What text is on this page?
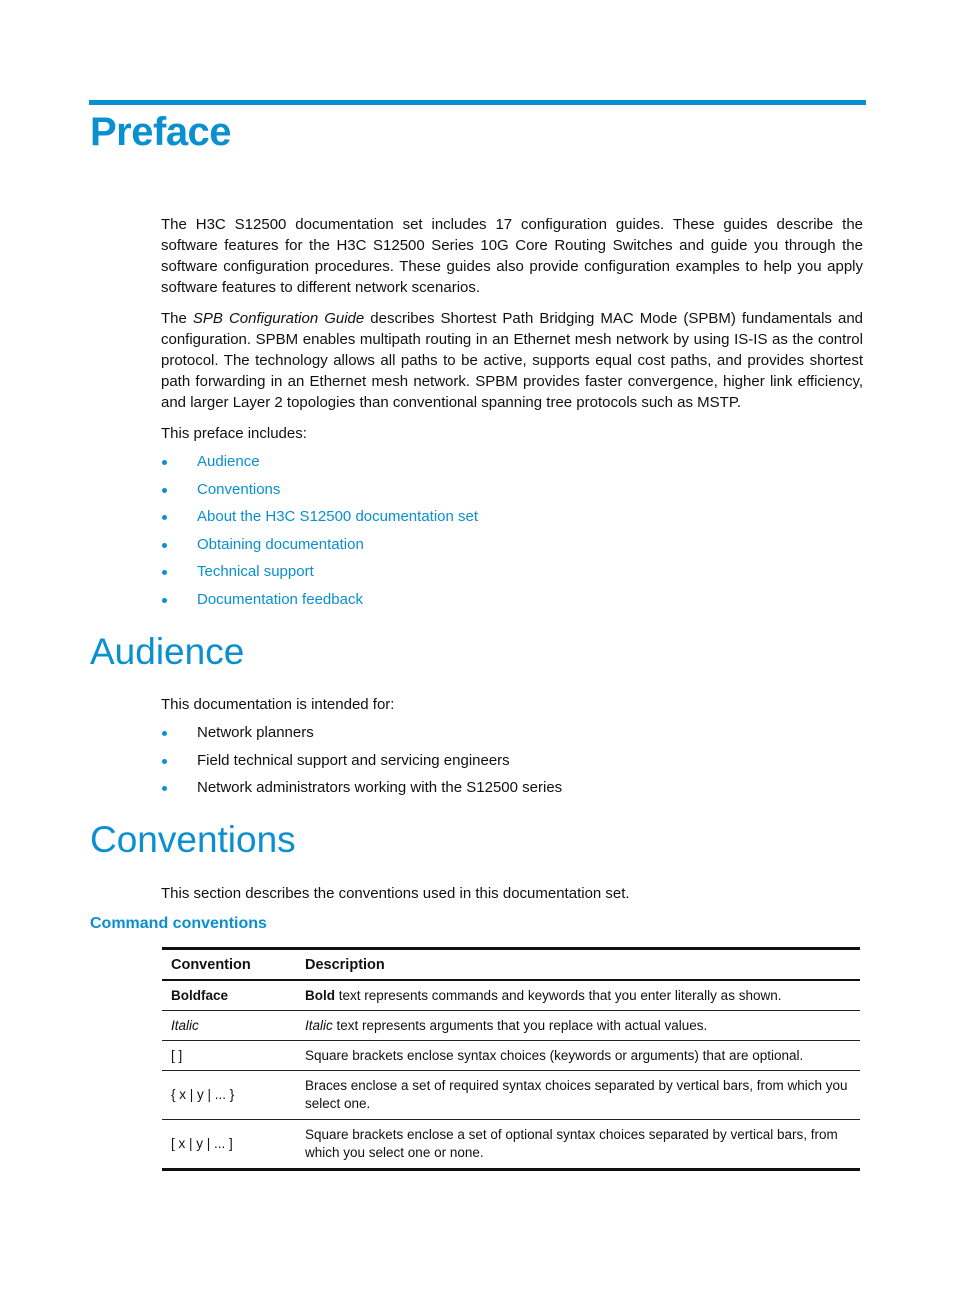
Preface

The H3C S12500 documentation set includes 17 configuration guides. These guides describe the software features for the H3C S12500 Series 10G Core Routing Switches and guide you through the software configuration procedures. These guides also provide configuration examples to help you apply software features to different network scenarios.

The SPB Configuration Guide describes Shortest Path Bridging MAC Mode (SPBM) fundamentals and configuration. SPBM enables multipath routing in an Ethernet mesh network by using IS-IS as the control protocol. The technology allows all paths to be active, supports equal cost paths, and provides shortest path forwarding in an Ethernet mesh network. SPBM provides faster convergence, higher link efficiency, and larger Layer 2 topologies than conventional spanning tree protocols such as MSTP.

This preface includes:

Audience
Conventions
About the H3C S12500 documentation set
Obtaining documentation
Technical support
Documentation feedback
Audience

This documentation is intended for:

Network planners
Field technical support and servicing engineers
Network administrators working with the S12500 series
Conventions

This section describes the conventions used in this documentation set.

Command conventions
Convention	Description
Boldface	Bold text represents commands and keywords that you enter literally as shown.
Italic	Italic text represents arguments that you replace with actual values.
[ ]	Square brackets enclose syntax choices (keywords or arguments) that are optional.
{ x | y | ... }	Braces enclose a set of required syntax choices separated by vertical bars, from which you select one.
[ x | y | ... ]	Square brackets enclose a set of optional syntax choices separated by vertical bars, from which you select one or none.
